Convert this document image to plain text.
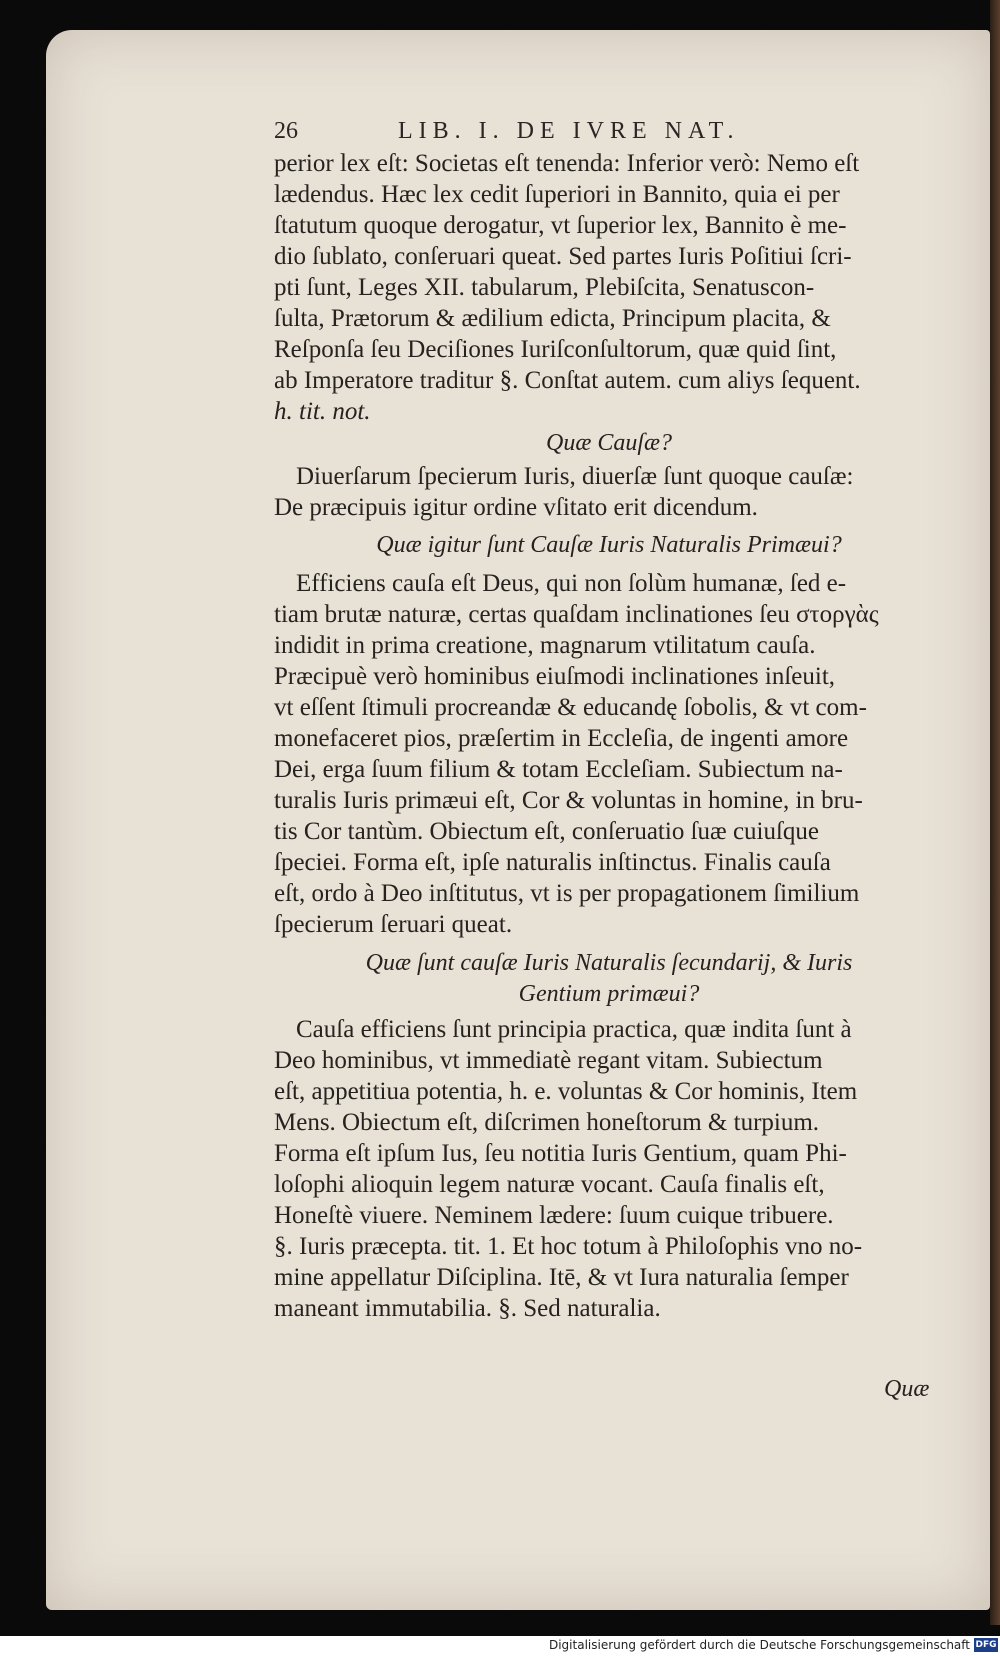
26	LIB. I. DE IVRE NAT.
perior lex eſt: Societas eſt tenenda: Inferior verò: Nemo eſt
lædendus. Hæc lex cedit ſuperiori in Bannito, quia ei per
ſtatutum quoque derogatur, vt ſuperior lex, Bannito è me-
dio ſublato, conſeruari queat. Sed partes Iuris Poſitiui ſcri-
pti ſunt, Leges XII. tabularum, Plebiſcita, Senatuscon-
ſulta, Prætorum & ædilium edicta, Principum placita, &
Reſponſa ſeu Deciſiones Iuriſconſultorum, quæ quid ſint,
ab Imperatore traditur §. Conſtat autem. cum aliys ſequent.
h. tit. not.
Quæ Cauſæ?
Diuerſarum ſpecierum Iuris, diuerſæ ſunt quoque cauſæ:
De præcipuis igitur ordine vſitato erit dicendum.
Quæ igitur ſunt Cauſæ Iuris Naturalis Primæui?
Efficiens cauſa eſt Deus, qui non ſolùm humanæ, ſed e-
tiam brutæ naturæ, certas quaſdam inclinationes ſeu στοργὰς
indidit in prima creatione, magnarum vtilitatum cauſa.
Præcipuè verò hominibus eiuſmodi inclinationes inſeuit,
vt eſſent ſtimuli procreandæ & educandę ſobolis, & vt com-
monefaceret pios, præſertim in Eccleſia, de ingenti amore
Dei, erga ſuum filium & totam Eccleſiam. Subiectum na-
turalis Iuris primæui eſt, Cor & voluntas in homine, in bru-
tis Cor tantùm. Obiectum eſt, conſeruatio ſuæ cuiuſque
ſpeciei. Forma eſt, ipſe naturalis inſtinctus. Finalis cauſa
eſt, ordo à Deo inſtitutus, vt is per propagationem ſimilium
ſpecierum ſeruari queat.
Quæ ſunt cauſæ Iuris Naturalis ſecundarij, & Iuris
Gentium primæui?
Cauſa efficiens ſunt principia practica, quæ indita ſunt à
Deo hominibus, vt immediatè regant vitam. Subiectum
eſt, appetitiua potentia, h. e. voluntas & Cor hominis, Item
Mens. Obiectum eſt, diſcrimen honeſtorum & turpium.
Forma eſt ipſum Ius, ſeu notitia Iuris Gentium, quam Phi-
loſophi alioquin legem naturæ vocant. Cauſa finalis eſt,
Honeſtè viuere. Neminem lædere: ſuum cuique tribuere.
§. Iuris præcepta. tit. 1. Et hoc totum à Philoſophis vno no-
mine appellatur Diſciplina. Itē, & vt Iura naturalia ſemper
maneant immutabilia. §. Sed naturalia.
Quæ
Digitalisierung gefördert durch die Deutsche Forschungsgemeinschaft DFG
